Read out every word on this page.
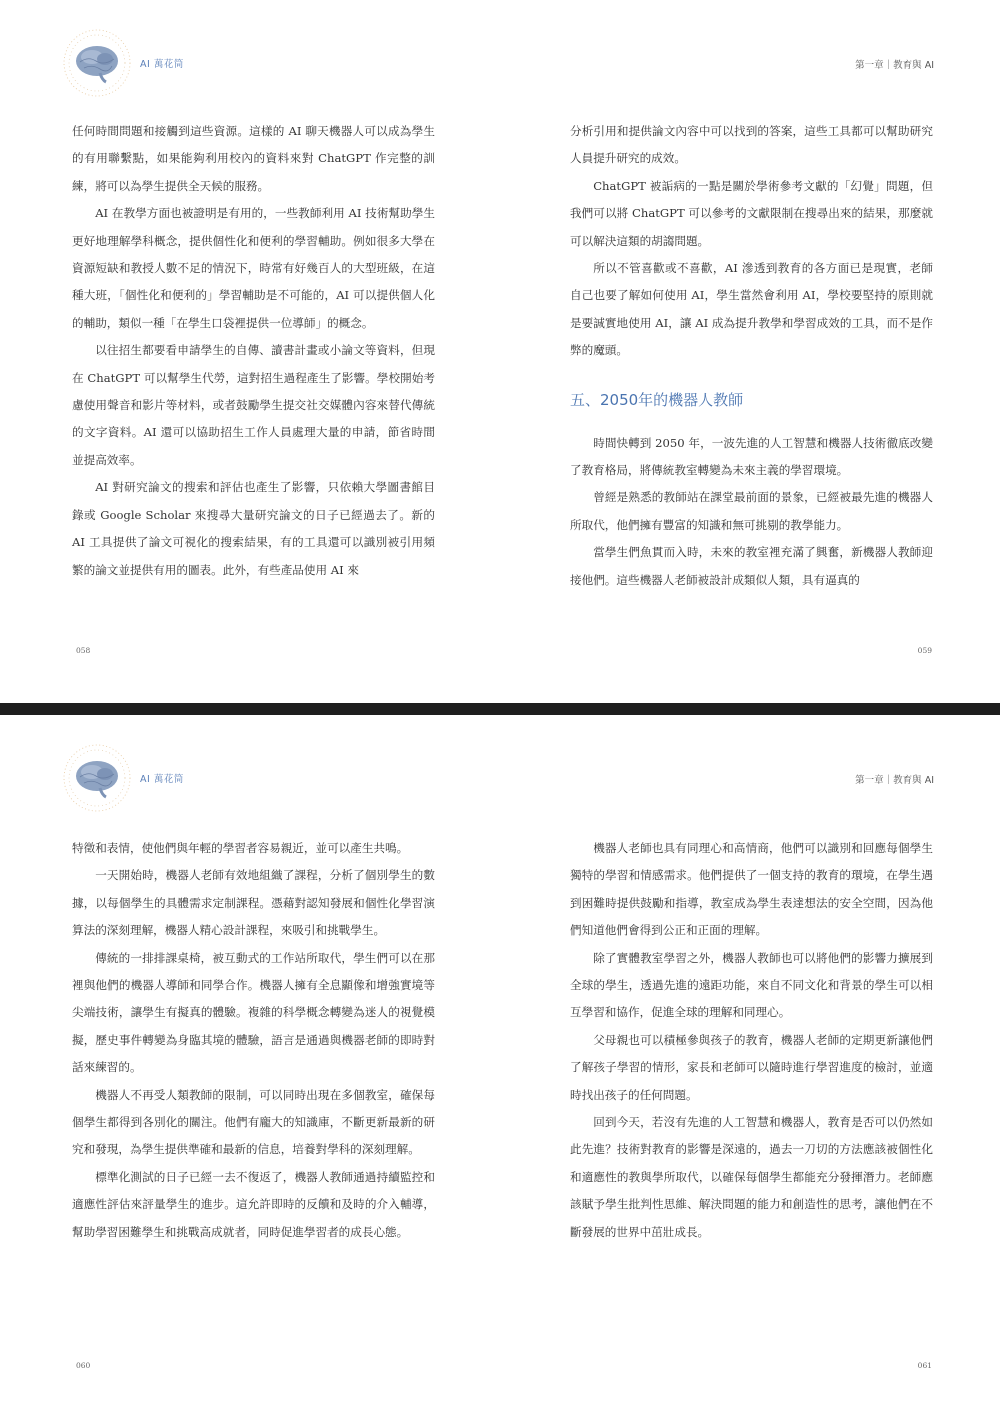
AI 萬花筒	第一章｜教育與 AI

任何時間問題和接觸到這些資源。這樣的 AI 聊天機器人可以成為學生的有用聯繫點，如果能夠利用校內的資料來對 ChatGPT 作完整的訓練，將可以為學生提供全天候的服務。

AI 在教學方面也被證明是有用的，一些教師利用 AI 技術幫助學生更好地理解學科概念，提供個性化和便利的學習輔助。例如很多大學在資源短缺和教授人數不足的情況下，時常有好幾百人的大型班級，在這種大班，「個性化和便利的」學習輔助是不可能的，AI 可以提供個人化的輔助，類似一種「在學生口袋裡提供一位導師」的概念。

以往招生都要看申請學生的自傳、讀書計畫或小論文等資料，但現在 ChatGPT 可以幫學生代勞，這對招生過程產生了影響。學校開始考慮使用聲音和影片等材料，或者鼓勵學生提交社交媒體內容來替代傳統的文字資料。AI 還可以協助招生工作人員處理大量的申請，節省時間並提高效率。

AI 對研究論文的搜索和評估也產生了影響，只依賴大學圖書館目錄或 Google Scholar 來搜尋大量研究論文的日子已經過去了。新的 AI 工具提供了論文可視化的搜索結果，有的工具還可以識別被引用頻繁的論文並提供有用的圖表。此外，有些產品使用 AI 來

分析引用和提供論文內容中可以找到的答案，這些工具都可以幫助研究人員提升研究的成效。

ChatGPT 被詬病的一點是關於學術參考文獻的「幻覺」問題，但我們可以將 ChatGPT 可以參考的文獻限制在搜尋出來的結果，那麼就可以解決這類的胡謅問題。

所以不管喜歡或不喜歡，AI 滲透到教育的各方面已是現實，老師自己也要了解如何使用 AI，學生當然會利用 AI，學校要堅持的原則就是要誠實地使用 AI，讓 AI 成為提升教學和學習成效的工具，而不是作弊的魔頭。

五、2050年的機器人教師

時間快轉到 2050 年，一波先進的人工智慧和機器人技術徹底改變了教育格局，將傳統教室轉變為未來主義的學習環境。

曾經是熟悉的教師站在課堂最前面的景象，已經被最先進的機器人所取代，他們擁有豐富的知識和無可挑剔的教學能力。

當學生們魚貫而入時，未來的教室裡充滿了興奮，新機器人教師迎接他們。這些機器人老師被設計成類似人類，具有逼真的

058	059
AI 萬花筒	第一章｜教育與 AI

特徵和表情，使他們與年輕的學習者容易親近，並可以產生共鳴。

一天開始時，機器人老師有效地組織了課程，分析了個別學生的數據，以每個學生的具體需求定制課程。憑藉對認知發展和個性化學習演算法的深刻理解，機器人精心設計課程，來吸引和挑戰學生。

傳統的一排排課桌椅，被互動式的工作站所取代，學生們可以在那裡與他們的機器人導師和同學合作。機器人擁有全息顯像和增強實境等尖端技術，讓學生有擬真的體驗。複雜的科學概念轉變為迷人的視覺模擬，歷史事件轉變為身臨其境的體驗，語言是通過與機器老師的即時對話來練習的。

機器人不再受人類教師的限制，可以同時出現在多個教室，確保每個學生都得到各別化的關注。他們有龐大的知識庫，不斷更新最新的研究和發現，為學生提供準確和最新的信息，培養對學科的深刻理解。

標準化測試的日子已經一去不復返了，機器人教師通過持續監控和適應性評估來評量學生的進步。這允許即時的反饋和及時的介入輔導，幫助學習困難學生和挑戰高成就者，同時促進學習者的成長心態。

機器人老師也具有同理心和高情商，他們可以識別和回應每個學生獨特的學習和情感需求。他們提供了一個支持的教育的環境，在學生遇到困難時提供鼓勵和指導，教室成為學生表達想法的安全空間，因為他們知道他們會得到公正和正面的理解。

除了實體教室學習之外，機器人教師也可以將他們的影響力擴展到全球的學生，透過先進的遠距功能，來自不同文化和背景的學生可以相互學習和協作，促進全球的理解和同理心。

父母親也可以積極參與孩子的教育，機器人老師的定期更新讓他們了解孩子學習的情形，家長和老師可以隨時進行學習進度的檢討，並適時找出孩子的任何問題。

回到今天，若沒有先進的人工智慧和機器人，教育是否可以仍然如此先進？技術對教育的影響是深遠的，過去一刀切的方法應該被個性化和適應性的教與學所取代，以確保每個學生都能充分發揮潛力。老師應該賦予學生批判性思維、解決問題的能力和創造性的思考，讓他們在不斷發展的世界中茁壯成長。

060	061
